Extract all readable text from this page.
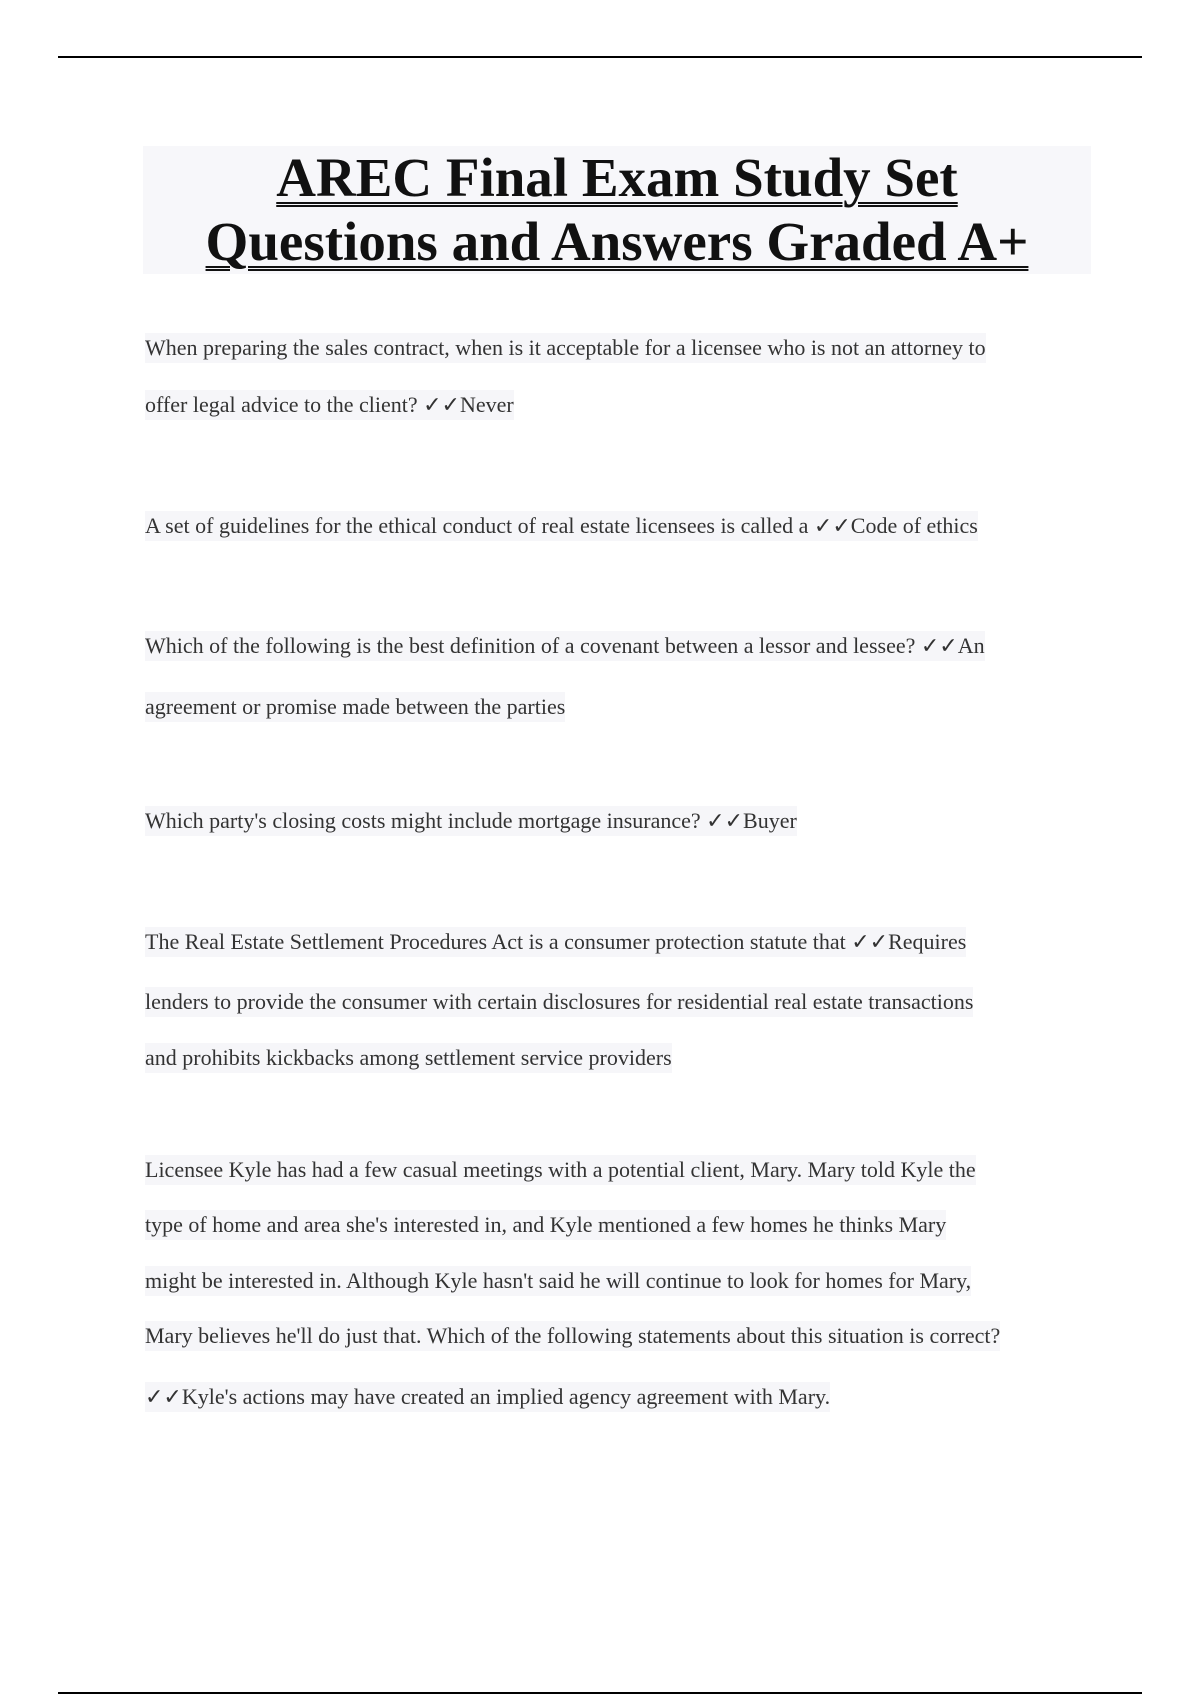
AREC Final Exam Study Set
Questions and Answers Graded A+
When preparing the sales contract, when is it acceptable for a licensee who is not an attorney to
offer legal advice to the client? ✓✓Never
A set of guidelines for the ethical conduct of real estate licensees is called a ✓✓Code of ethics
Which of the following is the best definition of a covenant between a lessor and lessee? ✓✓An
agreement or promise made between the parties
Which party's closing costs might include mortgage insurance? ✓✓Buyer
The Real Estate Settlement Procedures Act is a consumer protection statute that ✓✓Requires
lenders to provide the consumer with certain disclosures for residential real estate transactions
and prohibits kickbacks among settlement service providers
Licensee Kyle has had a few casual meetings with a potential client, Mary. Mary told Kyle the
type of home and area she's interested in, and Kyle mentioned a few homes he thinks Mary
might be interested in. Although Kyle hasn't said he will continue to look for homes for Mary,
Mary believes he'll do just that. Which of the following statements about this situation is correct?
✓✓Kyle's actions may have created an implied agency agreement with Mary.
